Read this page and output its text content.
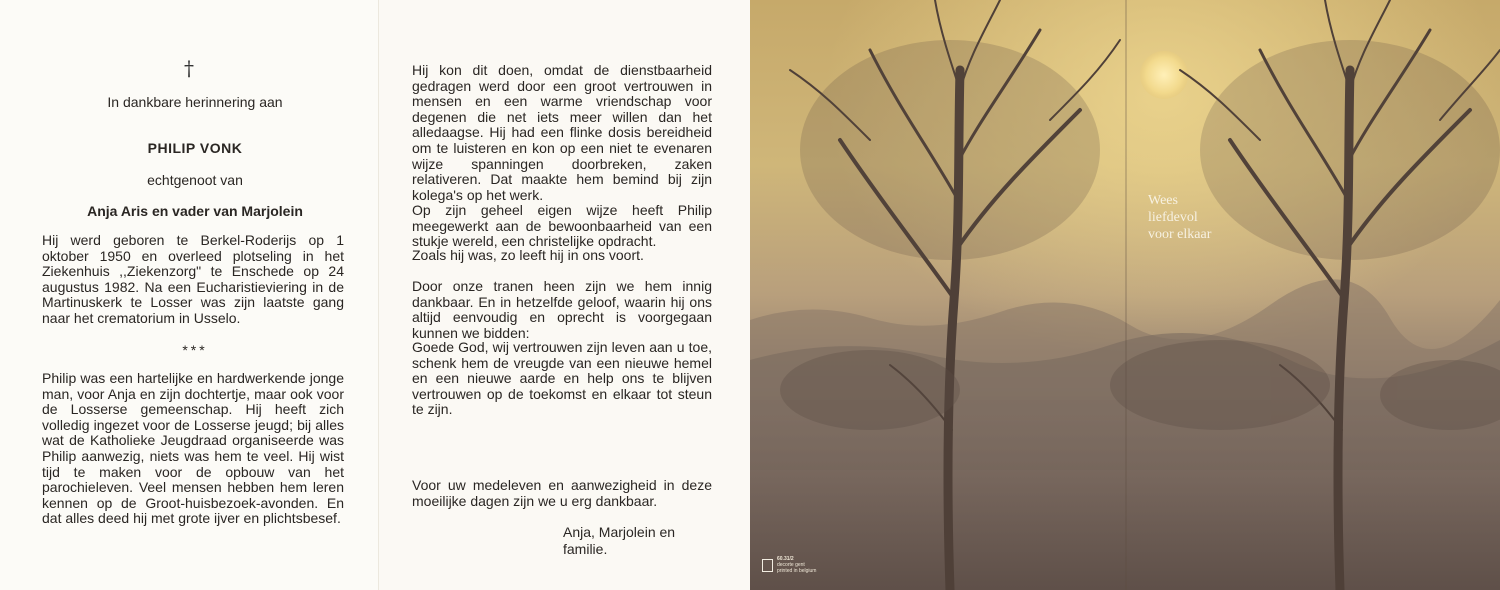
†
In dankbare herinnering aan
PHILIP VONK
echtgenoot van
Anja Aris en vader van Marjolein
Hij werd geboren te Berkel-Roderijs op 1 oktober 1950 en overleed plotseling in het Ziekenhuis ,,Ziekenzorg" te Enschede op 24 augustus 1982. Na een Eucharistieviering in de Martinuskerk te Losser was zijn laatste gang naar het crematorium in Usselo.
***
Philip was een hartelijke en hardwerkende jonge man, voor Anja en zijn dochtertje, maar ook voor de Losserse gemeenschap. Hij heeft zich volledig ingezet voor de Losserse jeugd; bij alles wat de Katholieke Jeugdraad organiseerde was Philip aanwezig, niets was hem te veel. Hij wist tijd te maken voor de opbouw van het parochieleven. Veel mensen hebben hem leren kennen op de Groot-huisbezoek-avonden. En dat alles deed hij met grote ijver en plichtsbesef.
Hij kon dit doen, omdat de dienstbaarheid gedragen werd door een groot vertrouwen in mensen en een warme vriendschap voor degenen die net iets meer willen dan het alledaagse. Hij had een flinke dosis bereidheid om te luisteren en kon op een niet te evenaren wijze spanningen doorbreken, zaken relativeren. Dat maakte hem bemind bij zijn kolega's op het werk.
Op zijn geheel eigen wijze heeft Philip meegewerkt aan de bewoonbaarheid van een stukje wereld, een christelijke opdracht.
Zoals hij was, zo leeft hij in ons voort.
Door onze tranen heen zijn we hem innig dankbaar. En in hetzelfde geloof, waarin hij ons altijd eenvoudig en oprecht is voorgegaan kunnen we bidden:
Goede God, wij vertrouwen zijn leven aan u toe, schenk hem de vreugde van een nieuwe hemel en een nieuwe aarde en help ons te blijven vertrouwen op de toekomst en elkaar tot steun te zijn.
Voor uw medeleven en aanwezigheid in deze moeilijke dagen zijn we u erg dankbaar.
Anja, Marjolein en
familie.
Wees
liefdevol
voor elkaar
60.31/2
decorte gent
printed in belgium
